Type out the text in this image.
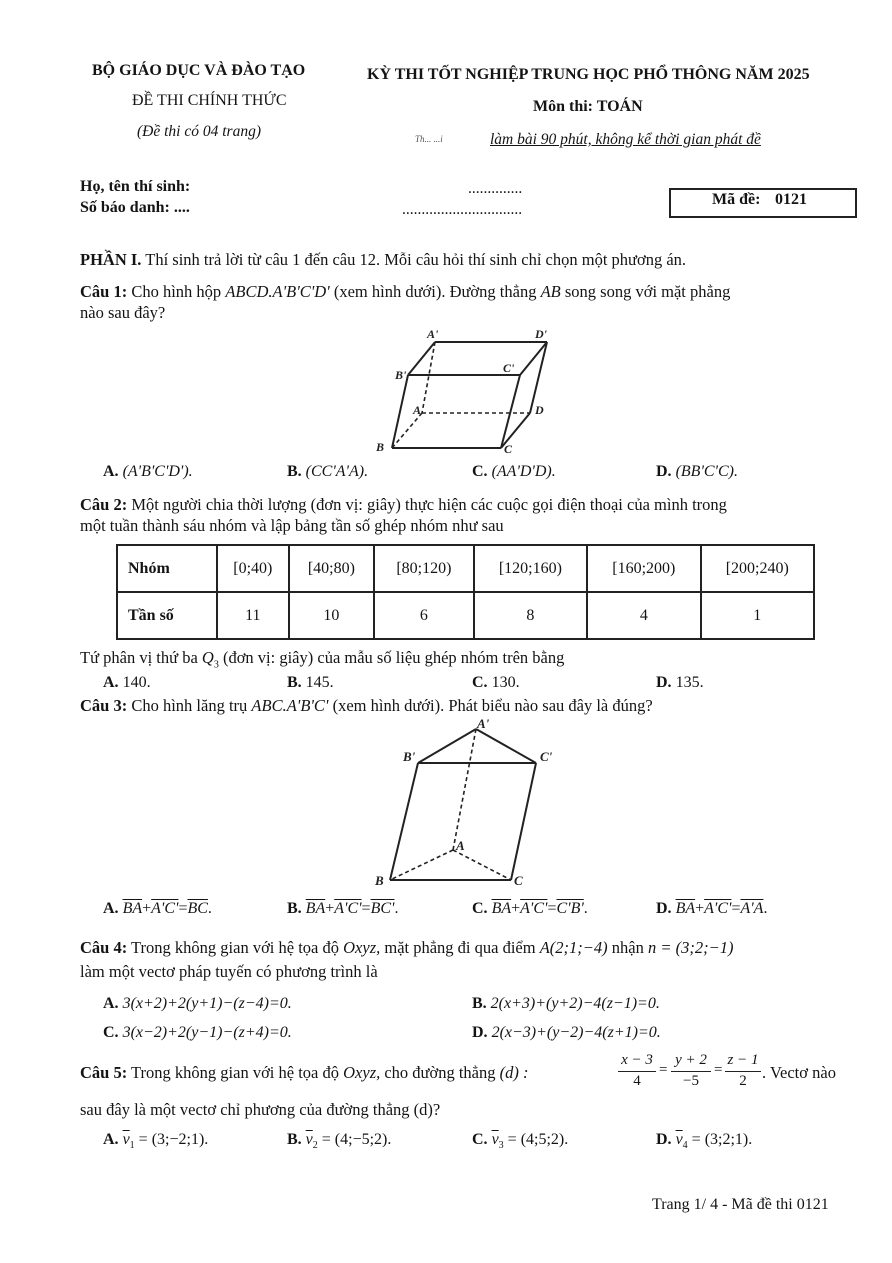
BỘ GIÁO DỤC VÀ ĐÀO TẠO
ĐỀ THI CHÍNH THỨC
(Đề thi có 04 trang)
KỲ THI TỐT NGHIỆP TRUNG HỌC PHỔ THÔNG NĂM 2025
Môn thi: TOÁN
Th... ...i	làm bài 90 phút, không kể thời gian phát đề
Họ, tên thí sinh:
Số báo danh: ....
..............
...............................
Mã đề: 0121
PHẦN I. Thí sinh trả lời từ câu 1 đến câu 12. Mỗi câu hỏi thí sinh chỉ chọn một phương án.
Câu 1: Cho hình hộp ABCD.A'B'C'D' (xem hình dưới). Đường thẳng AB song song với mặt phẳng
nào sau đây?
A'	D'
B'	C'
A	D
B	C
A. (A'B'C'D').	B. (CC'A'A).	C. (AA'D'D).	D. (BB'C'C).
Câu 2: Một người chia thời lượng (đơn vị: giây) thực hiện các cuộc gọi điện thoại của mình trong
một tuần thành sáu nhóm và lập bảng tần số ghép nhóm như sau
Nhóm	[0;40)	[40;80)	[80;120)	[120;160)	[160;200)	[200;240)
Tần số	11	10	6	8	4	1
Tứ phân vị thứ ba $Q_3$ (đơn vị: giây) của mẫu số liệu ghép nhóm trên bằng
A. 140.	B. 145.	C. 130.	D. 135.
Câu 3: Cho hình lăng trụ ABC.A'B'C' (xem hình dưới). Phát biểu nào sau đây là đúng?
A'
B'	C'
A
B	C
A. $\overline{BA}+A'C'=\overline{BC}$.	B. $\overline{BA}+A'C'=BC'$.	C. $\overline{BA}+A'C'=C'B'$.	D. $\overline{BA}+A'C'=A'A$.
Câu 4: Trong không gian với hệ tọa độ Oxyz, mặt phẳng đi qua điểm A(2;1;−4) nhận n = (3;2;−1)
làm một vectơ pháp tuyến có phương trình là
A. 3(x+2)+2(y+1)−(z−4)=0.	B. 2(x+3)+(y+2)−4(z−1)=0.
C. 3(x−2)+2(y−1)−(z+4)=0.	D. 2(x−3)+(y−2)−4(z+1)=0.
Câu 5: Trong không gian với hệ tọa độ Oxyz, cho đường thẳng (d) :
x − 3
4
=
y + 2
−5
=
z − 1
2 . Vectơ nào
sau đây là một vectơ chỉ phương của đường thẳng (d)?
A. $\overline{v}_1$ = (3;−2;1).	B. $\overline{v}_2$ = (4;−5;2).	C. $\overline{v}_3$ = (4;5;2).	D. $\overline{v}_4$ = (3;2;1).
Trang 1/ 4 - Mã đề thi 0121
